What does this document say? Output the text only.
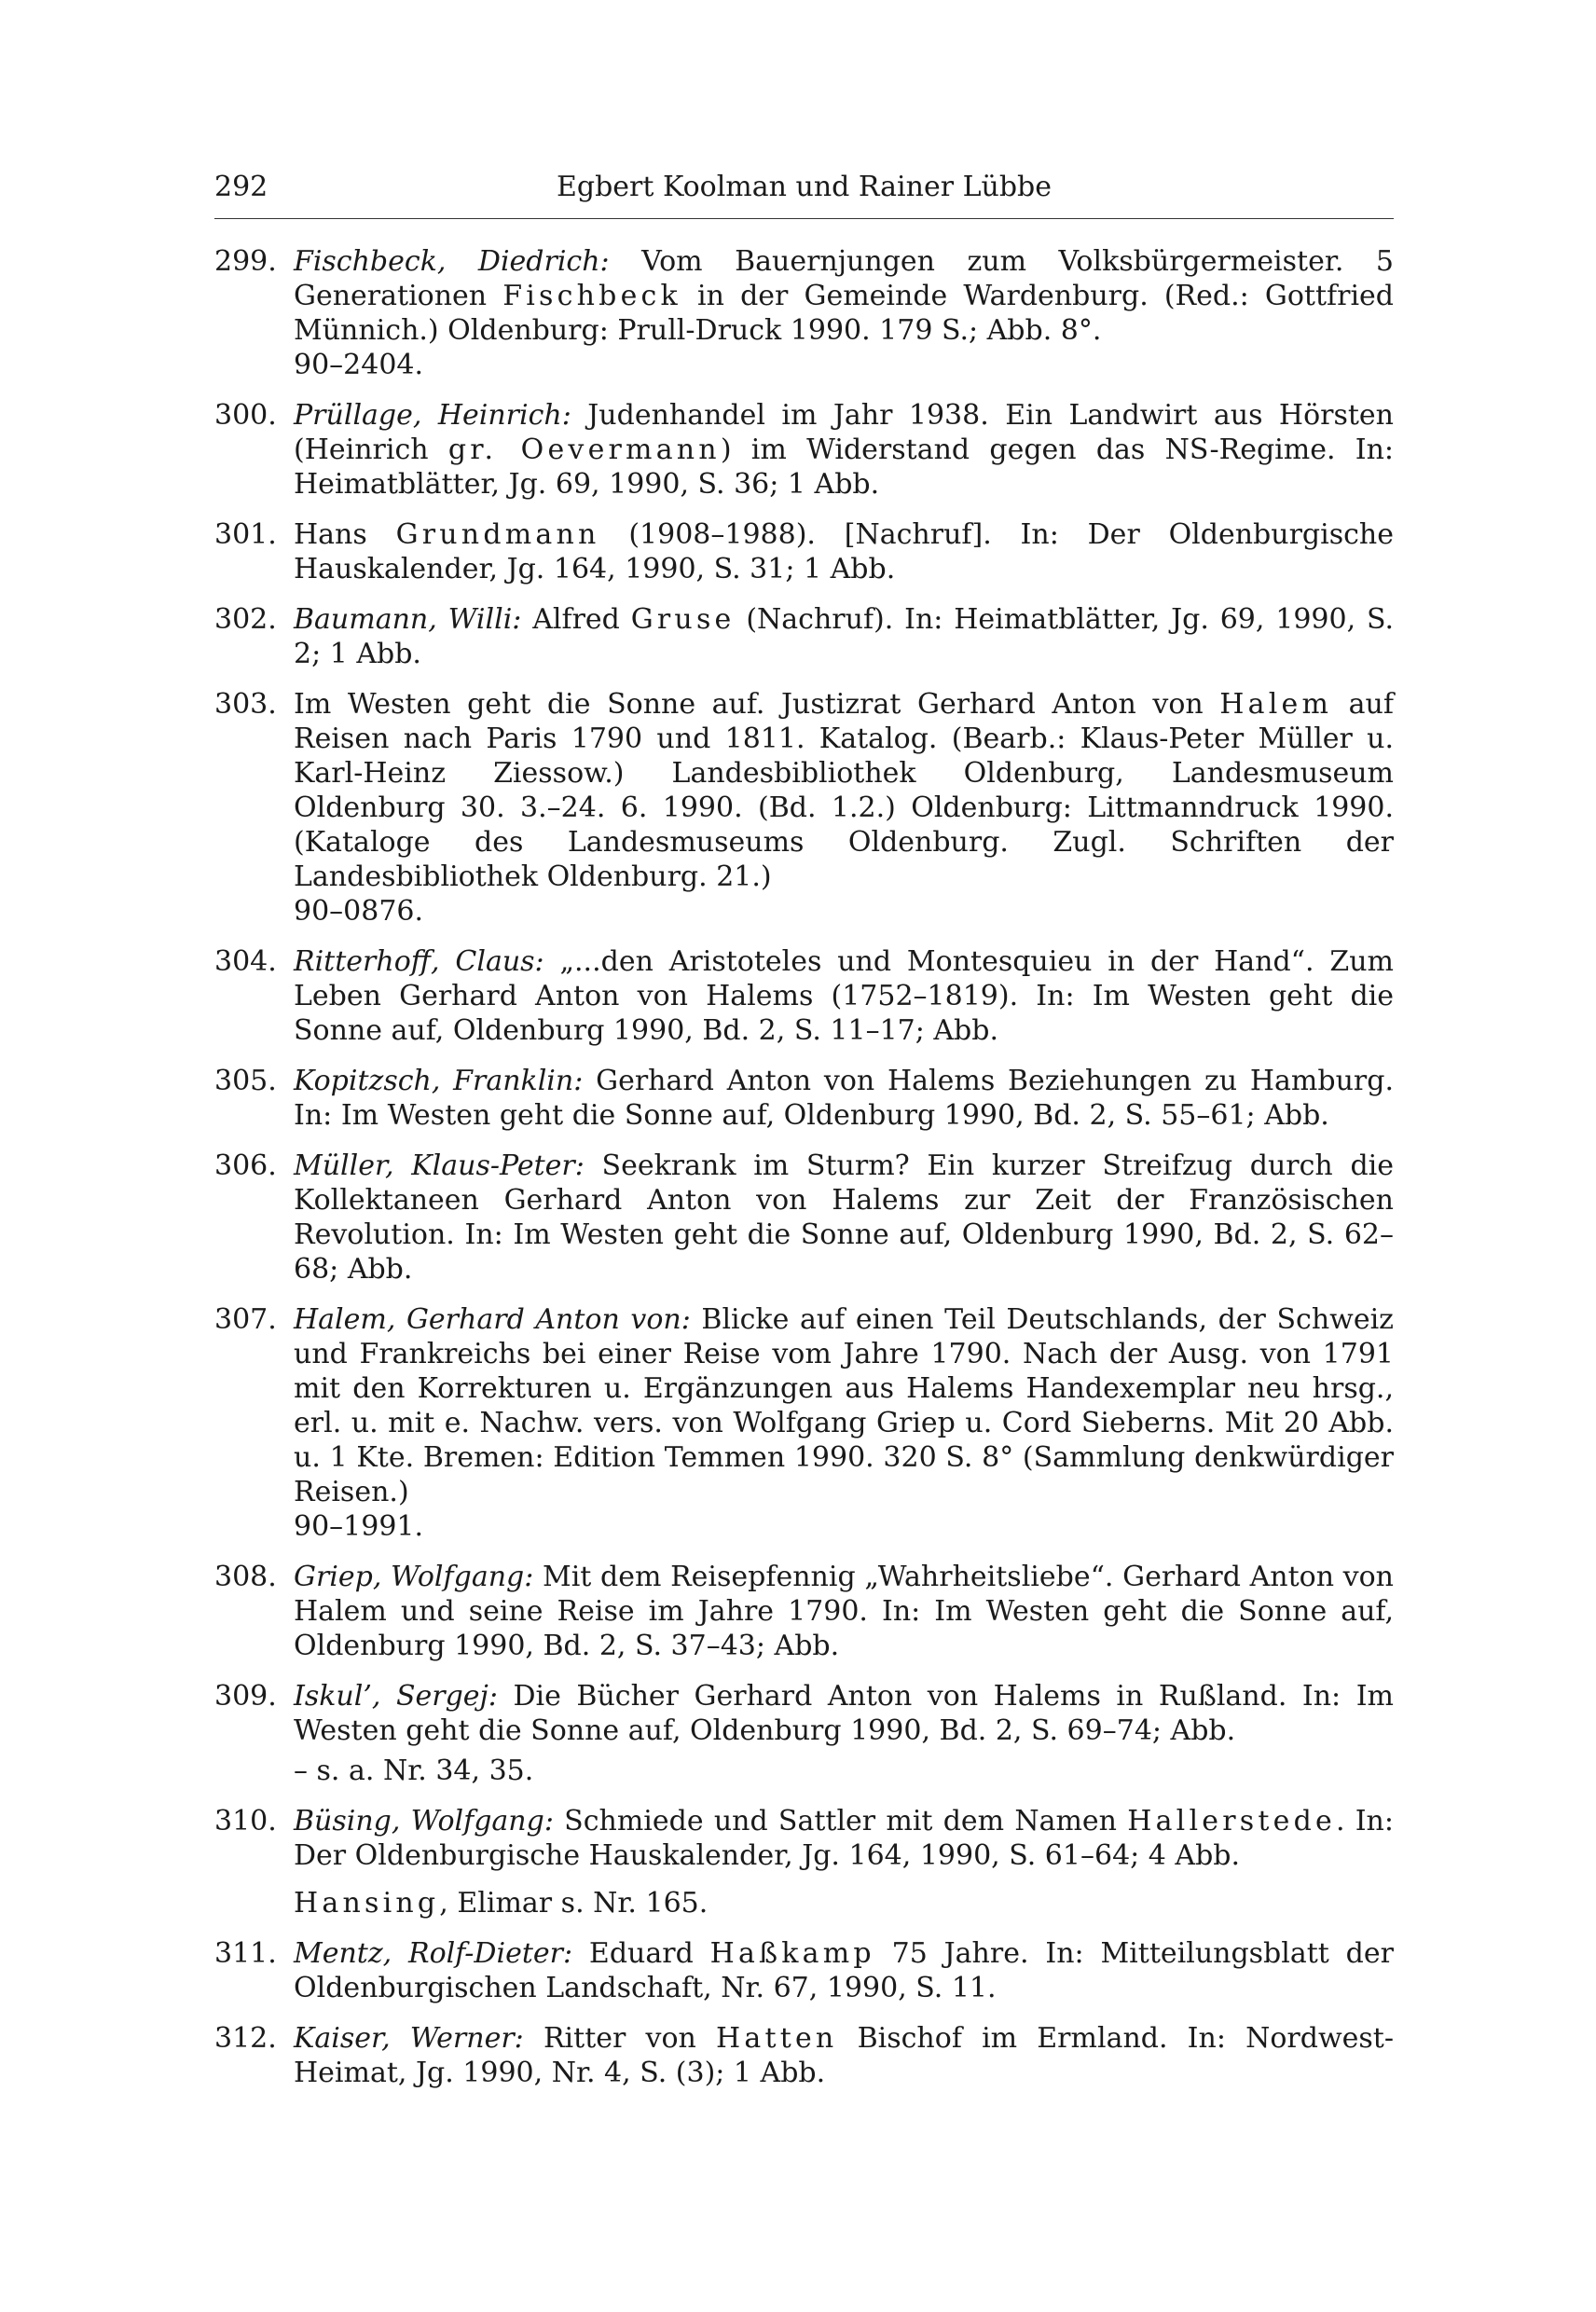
292	Egbert Koolman und Rainer Lübbe
299. Fischbeck, Diedrich: Vom Bauernjungen zum Volksbürgermeister. 5 Generationen Fischbeck in der Gemeinde Wardenburg. (Red.: Gottfried Münnich.) Oldenburg: Prull-Druck 1990. 179 S.; Abb. 8°.
90–2404.
300. Prüllage, Heinrich: Judenhandel im Jahr 1938. Ein Landwirt aus Hörsten (Heinrich gr. Oevermann) im Widerstand gegen das NS-Regime. In: Heimatblätter, Jg. 69, 1990, S. 36; 1 Abb.
301. Hans Grundmann (1908–1988). [Nachruf]. In: Der Oldenburgische Hauskalender, Jg. 164, 1990, S. 31; 1 Abb.
302. Baumann, Willi: Alfred Gruse (Nachruf). In: Heimatblätter, Jg. 69, 1990, S. 2; 1 Abb.
303. Im Westen geht die Sonne auf. Justizrat Gerhard Anton von Halem auf Reisen nach Paris 1790 und 1811. Katalog. (Bearb.: Klaus-Peter Müller u. Karl-Heinz Ziessow.) Landesbibliothek Oldenburg, Landesmuseum Oldenburg 30. 3.–24. 6. 1990. (Bd. 1.2.) Oldenburg: Littmanndruck 1990. (Kataloge des Landesmuseums Oldenburg. Zugl. Schriften der Landesbibliothek Oldenburg. 21.)
90–0876.
304. Ritterhoff, Claus: „...den Aristoteles und Montesquieu in der Hand“. Zum Leben Gerhard Anton von Halems (1752–1819). In: Im Westen geht die Sonne auf, Oldenburg 1990, Bd. 2, S. 11–17; Abb.
305. Kopitzsch, Franklin: Gerhard Anton von Halems Beziehungen zu Hamburg. In: Im Westen geht die Sonne auf, Oldenburg 1990, Bd. 2, S. 55–61; Abb.
306. Müller, Klaus-Peter: Seekrank im Sturm? Ein kurzer Streifzug durch die Kollektaneen Gerhard Anton von Halems zur Zeit der Französischen Revolution. In: Im Westen geht die Sonne auf, Oldenburg 1990, Bd. 2, S. 62–68; Abb.
307. Halem, Gerhard Anton von: Blicke auf einen Teil Deutschlands, der Schweiz und Frankreichs bei einer Reise vom Jahre 1790. Nach der Ausg. von 1791 mit den Korrekturen u. Ergänzungen aus Halems Handexemplar neu hrsg., erl. u. mit e. Nachw. vers. von Wolfgang Griep u. Cord Sieberns. Mit 20 Abb. u. 1 Kte. Bremen: Edition Temmen 1990. 320 S. 8° (Sammlung denkwürdiger Reisen.)
90–1991.
308. Griep, Wolfgang: Mit dem Reisepfennig „Wahrheitsliebe“. Gerhard Anton von Halem und seine Reise im Jahre 1790. In: Im Westen geht die Sonne auf, Oldenburg 1990, Bd. 2, S. 37–43; Abb.
309. Iskul’, Sergej: Die Bücher Gerhard Anton von Halems in Rußland. In: Im Westen geht die Sonne auf, Oldenburg 1990, Bd. 2, S. 69–74; Abb.
– s. a. Nr. 34, 35.
310. Büsing, Wolfgang: Schmiede und Sattler mit dem Namen Hallerstede. In: Der Oldenburgische Hauskalender, Jg. 164, 1990, S. 61–64; 4 Abb.
Hansing, Elimar s. Nr. 165.
311. Mentz, Rolf-Dieter: Eduard Haßkamp 75 Jahre. In: Mitteilungsblatt der Oldenburgischen Landschaft, Nr. 67, 1990, S. 11.
312. Kaiser, Werner: Ritter von Hatten Bischof im Ermland. In: Nordwest-Heimat, Jg. 1990, Nr. 4, S. (3); 1 Abb.
